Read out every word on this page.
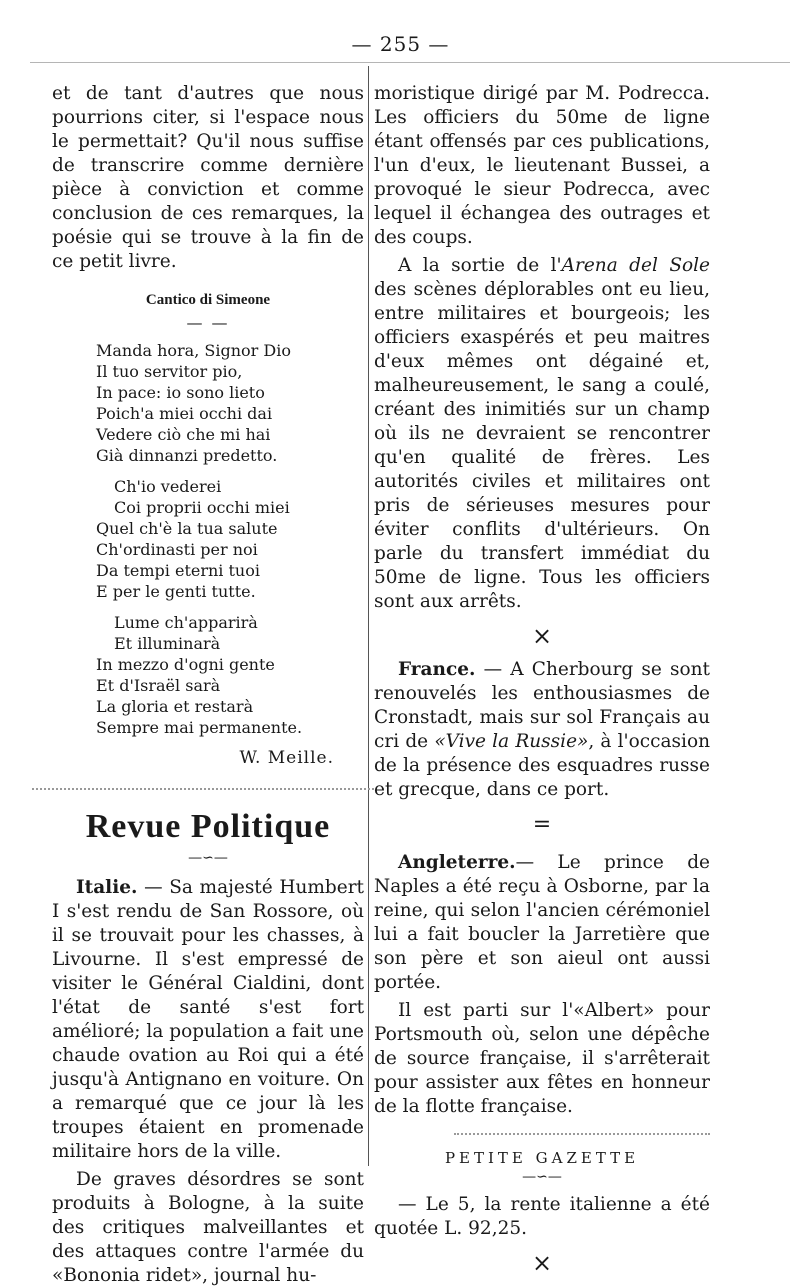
— 255 —

et de tant d'autres que nous pourrions citer, si l'espace nous le permettait? Qu'il nous suffise de transcrire comme dernière pièce à conviction et comme conclusion de ces remarques, la poésie qui se trouve à la fin de ce petit livre.

Cantico di Simeone
— —
Manda hora, Signor Dio
Il tuo servitor pio,
In pace: io sono lieto
Poich'a miei occhi dai
Vedere ciò che mi hai
Già dinnanzi predetto.
Ch'io vederei
Coi proprii occhi miei
Quel ch'è la tua salute
Ch'ordinasti per noi
Da tempi eterni tuoi
E per le genti tutte.
Lume ch'apparirà
Et illuminarà
In mezzo d'ogni gente
Et d'Israël sarà
La gloria et restarà
Sempre mai permanente.
W. Meille.
Revue Politique
—∽—

Italie. — Sa majesté Humbert I s'est rendu de San Rossore, où il se trouvait pour les chasses, à Livourne. Il s'est empressé de visiter le Général Cialdini, dont l'état de santé s'est fort amélioré; la population a fait une chaude ovation au Roi qui a été jusqu'à Antignano en voiture. On a remarqué que ce jour là les troupes étaient en promenade militaire hors de la ville.

De graves désordres se sont produits à Bologne, à la suite des critiques malveillantes et des attaques contre l'armée du «Bononia ridet», journal hu-

moristique dirigé par M. Podrecca. Les officiers du 50me de ligne étant offensés par ces publications, l'un d'eux, le lieutenant Bussei, a provoqué le sieur Podrecca, avec lequel il échangea des outrages et des coups.

A la sortie de l'Arena del Sole des scènes déplorables ont eu lieu, entre militaires et bourgeois; les officiers exaspérés et peu maitres d'eux mêmes ont dégainé et, malheureusement, le sang a coulé, créant des inimitiés sur un champ où ils ne devraient se rencontrer qu'en qualité de frères. Les autorités civiles et militaires ont pris de sérieuses mesures pour éviter conflits d'ultérieurs. On parle du transfert immédiat du 50me de ligne. Tous les officiers sont aux arrêts.

×

France. — A Cherbourg se sont renouvelés les enthousiasmes de Cronstadt, mais sur sol Français au cri de «Vive la Russie», à l'occasion de la présence des esquadres russe et grecque, dans ce port.

=

Angleterre.— Le prince de Naples a été reçu à Osborne, par la reine, qui selon l'ancien cérémoniel lui a fait boucler la Jarretière que son père et son aieul ont aussi portée.

Il est parti sur l'«Albert» pour Portsmouth où, selon une dépêche de source française, il s'arrêterait pour assister aux fêtes en honneur de la flotte française.

PETITE GAZETTE
—∽—

— Le 5, la rente italienne a été quotée L. 92,25.

×
